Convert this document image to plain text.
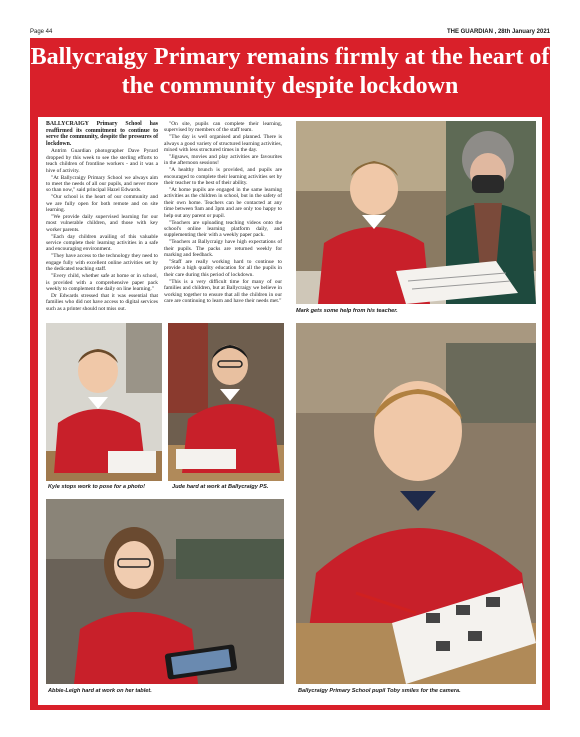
Page 44	THE GUARDIAN , 28th January 2021
Ballycraigy Primary remains firmly at the heart of the community despite lockdown

BALLYCRAIGY Primary School has reaffirmed its commitment to continue to serve the community, despite the pressures of lockdown.

Antrim Guardian photographer Dave Pyrard dropped by this week to see the sterling efforts to teach children of frontline workers - and it was a hive of activity.

"At Ballycraigy Primary School we always aim to meet the needs of all our pupils, and never more so than now," said principal Hazel Edwards.

"Our school is the heart of our community and we are fully open for both remote and on site learning.

"We provide daily supervised learning for our most vulnerable children, and those with key worker parents.

"Each day children availing of this valuable service complete their learning activities in a safe and encouraging environment.

"They have access to the technology they need to engage fully with excellent online activities set by the dedicated teaching staff.

"Every child, whether safe at home or in school, is provided with a comprehensive paper pack weekly to complement the daily on line learning."

Dr Edwards stressed that it was essential that families who did not have access to digital services such as a printer should not miss out.

"On site, pupils can complete their learning, supervised by members of the staff team.

"The day is well organised and planned. There is always a good variety of structured learning activities, mixed with less structured times in the day.

"Jigsaws, movies and play activities are favourites in the afternoon sessions!

"A healthy brunch is provided, and pupils are encouraged to complete their learning activities set by their teacher to the best of their ability.

"At home pupils are engaged in the same learning activities as the children in school, but in the safety of their own home. Teachers can be contacted at any time between 9am and 3pm and are only too happy to help out any parent or pupil.

"Teachers are uploading teaching videos onto the school's online learning platform daily, and supplementing their with a weekly paper pack.

"Teachers at Ballycraigy have high expectations of their pupils. The packs are returned weekly for marking and feedback.

"Staff are really working hard to continue to provide a high quality education for all the pupils in their care during this period of lockdown.

"This is a very difficult time for many of our families and children, but at Ballycraigy we believe in working together to ensure that all the children in our care are continuing to learn and have their needs met."

Mark gets some help from his teacher.
Kyle stops work to pose for a photo!	Jude hard at work at Ballycraigy PS.
Abbie-Leigh hard at work on her tablet.	Ballycraigy Primary School pupil Toby smiles for the camera.
